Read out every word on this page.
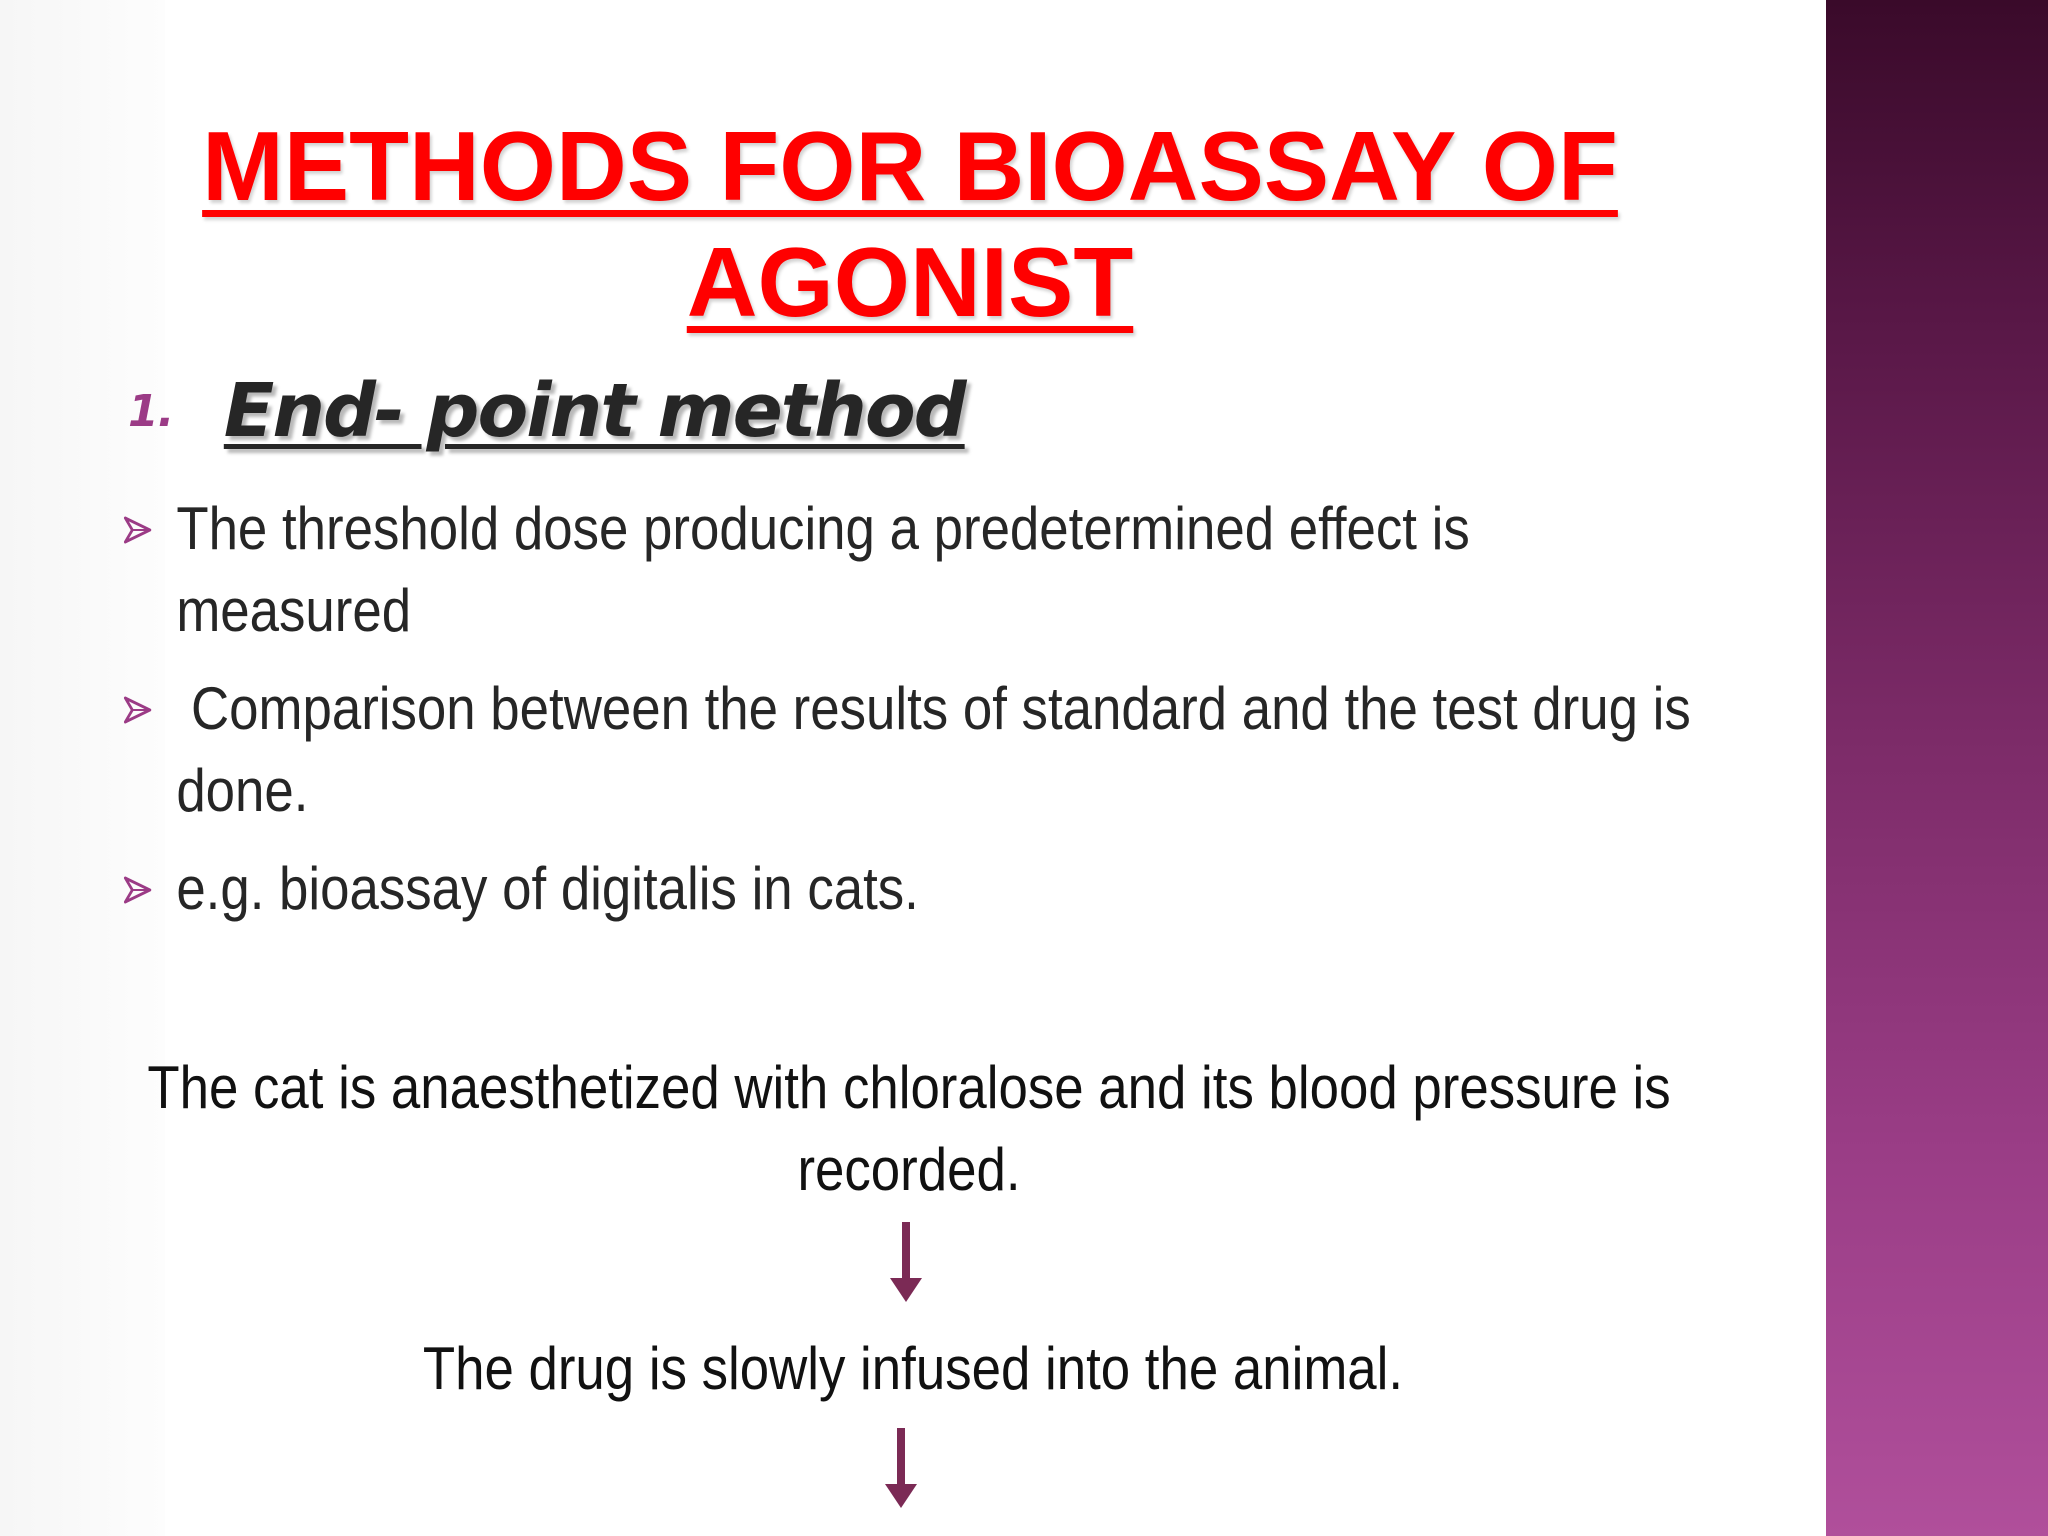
METHODS FOR BIOASSAY OF AGONIST
1. End- point method
The threshold dose producing a predetermined effect is measured
Comparison between the results of standard and the test drug is done.
e.g. bioassay of digitalis in cats.

The cat is anaesthetized with chloralose and its blood pressure is recorded.

The drug is slowly infused into the animal.
